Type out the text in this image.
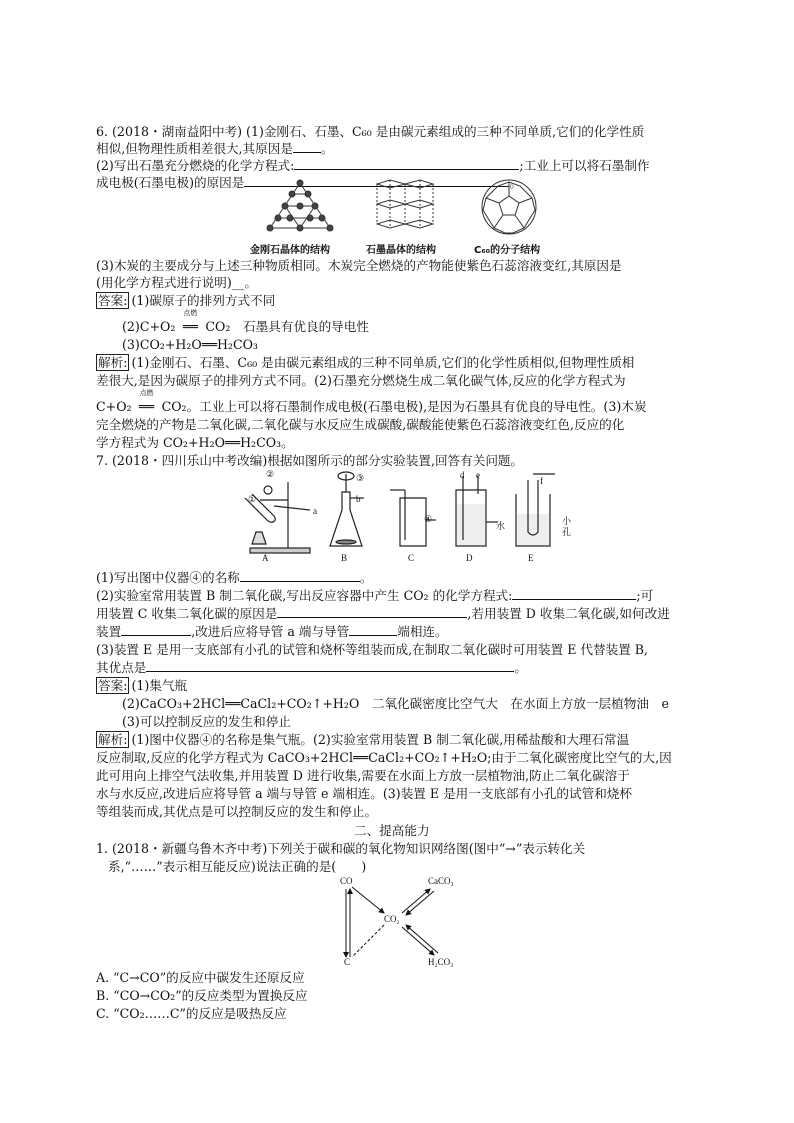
6. (2018・湖南益阳中考) (1)金刚石、石墨、C₆₀ 是由碳元素组成的三种不同单质,它们的化学性质
相似,但物理性质相差很大,其原因是 。
(2)写出石墨充分燃烧的化学方程式:	;工业上可以将石墨制作
成电极(石墨电极)的原因是	。
金刚石晶体的结构	石墨晶体的结构	C₆₀的分子结构
(3)木炭的主要成分与上述三种物质相同。木炭完全燃烧的产物能使紫色石蕊溶液变红,其原因是
(用化学方程式进行说明)__。
答案: (1)碳原子的排列方式不同
(2)C+O₂
点燃
══ CO₂　石墨具有优良的导电性
(3)CO₂+H₂O══H₂CO₃
解析: (1)金刚石、石墨、C₆₀ 是由碳元素组成的三种不同单质,它们的化学性质相似,但物理性质相
差很大,是因为碳原子的排列方式不同。(2)石墨充分燃烧生成二氧化碳气体,反应的化学方程式为
C+O₂
点燃
══ CO₂。工业上可以将石墨制作成电极(石墨电极),是因为石墨具有优良的导电性。(3)木炭
完全燃烧的产物是二氧化碳,二氧化碳与水反应生成碳酸,碳酸能使紫色石蕊溶液变红色,反应的化
学方程式为 CO₂+H₂O══H₂CO₃。
7. (2018・四川乐山中考改编)根据如图所示的部分实验装置,回答有关问题。
②
①
a
③
b
④
d e
水
f
小
孔
A	B	C	D	E
(1)写出图中仪器④的名称	。
(2)实验室常用装置 B 制二氧化碳,写出反应容器中产生 CO₂ 的化学方程式:	;可
用装置 C 收集二氧化碳的原因是	,若用装置 D 收集二氧化碳,如何改进
装置	,改进后应将导管 a 端与导管	端相连。
(3)装置 E 是用一支底部有小孔的试管和烧杯等组装而成,在制取二氧化碳时可用装置 E 代替装置 B,
其优点是	。
答案: (1)集气瓶
(2)CaCO₃+2HCl══CaCl₂+CO₂↑+H₂O　二氧化碳密度比空气大　在水面上方放一层植物油　e
(3)可以控制反应的发生和停止
解析: (1)图中仪器④的名称是集气瓶。(2)实验室常用装置 B 制二氧化碳,用稀盐酸和大理石常温
反应制取,反应的化学方程式为 CaCO₃+2HCl══CaCl₂+CO₂↑+H₂O;由于二氧化碳密度比空气的大,因
此可用向上排空气法收集,并用装置 D 进行收集,需要在水面上方放一层植物油,防止二氧化碳溶于
水与水反应,改进后应将导管 a 端与导管 e 端相连。(3)装置 E 是用一支底部有小孔的试管和烧杯
等组装而成,其优点是可以控制反应的发生和停止。
二、提高能力
1. (2018・新疆乌鲁木齐中考)下列关于碳和碳的氧化物知识网络图(图中“→”表示转化关
系,“……”表示相互能反应)说法正确的是(　　)
CO	CaCO₃
CO₂
C	H₂CO₃
A. “C→CO”的反应中碳发生还原反应
B. “CO→CO₂”的反应类型为置换反应
C. “CO₂……C”的反应是吸热反应
